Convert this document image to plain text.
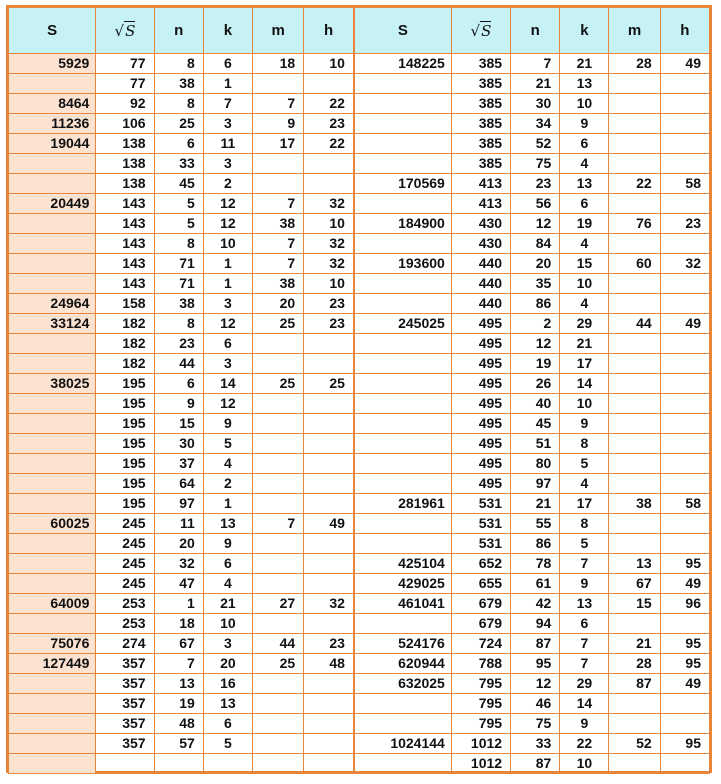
S	√S	n	k	m	h	S	√S	n	k	m	h
5929	77	8	6	18	10	148225	385	7	21	28	49
	77	38	1				385	21	13		
8464	92	8	7	7	22		385	30	10		
11236	106	25	3	9	23		385	34	9		
19044	138	6	11	17	22		385	52	6		
	138	33	3				385	75	4		
	138	45	2			170569	413	23	13	22	58
20449	143	5	12	7	32		413	56	6		
	143	5	12	38	10	184900	430	12	19	76	23
	143	8	10	7	32		430	84	4		
	143	71	1	7	32	193600	440	20	15	60	32
	143	71	1	38	10		440	35	10		
24964	158	38	3	20	23		440	86	4		
33124	182	8	12	25	23	245025	495	2	29	44	49
	182	23	6				495	12	21		
	182	44	3				495	19	17		
38025	195	6	14	25	25		495	26	14		
	195	9	12				495	40	10		
	195	15	9				495	45	9		
	195	30	5				495	51	8		
	195	37	4				495	80	5		
	195	64	2				495	97	4		
	195	97	1			281961	531	21	17	38	58
60025	245	11	13	7	49		531	55	8		
	245	20	9				531	86	5		
	245	32	6			425104	652	78	7	13	95
	245	47	4			429025	655	61	9	67	49
64009	253	1	21	27	32	461041	679	42	13	15	96
	253	18	10				679	94	6		
75076	274	67	3	44	23	524176	724	87	7	21	95
127449	357	7	20	25	48	620944	788	95	7	28	95
	357	13	16			632025	795	12	29	87	49
	357	19	13				795	46	14		
	357	48	6				795	75	9		
	357	57	5			1024144	1012	33	22	52	95
							1012	87	10		
